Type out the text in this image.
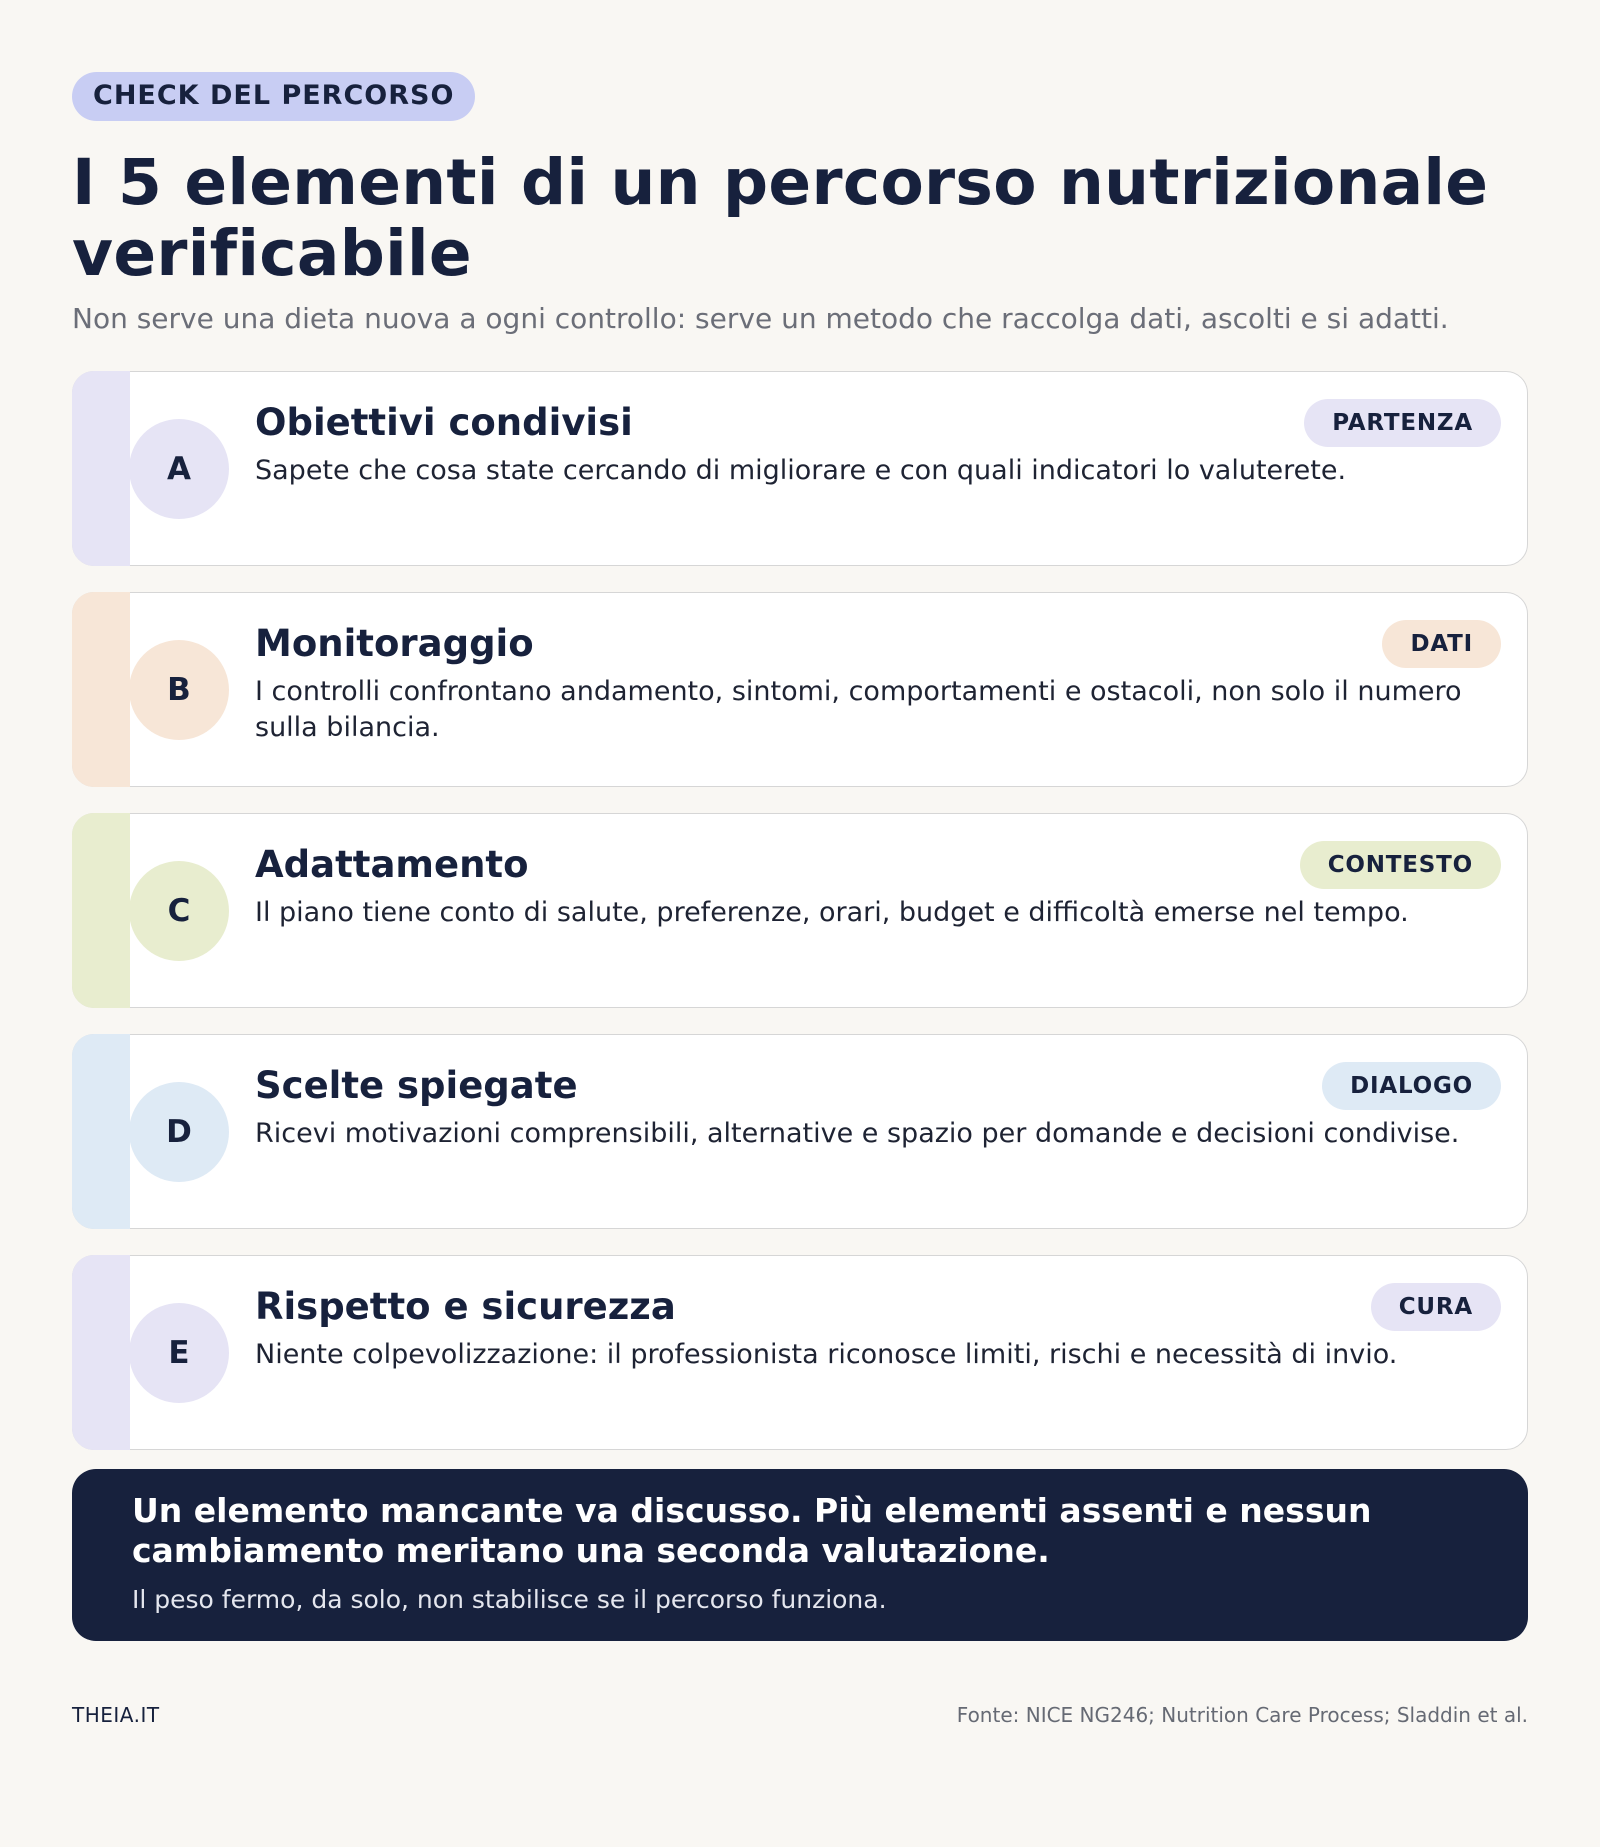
CHECK DEL PERCORSO
I 5 elementi di un percorso nutrizionale verificabile

Non serve una dieta nuova a ogni controllo: serve un metodo che raccolga dati, ascolti e si adatti.

A
Obiettivi condivisi
Sapete che cosa state cercando di migliorare e con quali indicatori lo valuterete.
PARTENZA
B
Monitoraggio
I controlli confrontano andamento, sintomi, comportamenti e ostacoli, non solo il numero sulla bilancia.
DATI
C
Adattamento
Il piano tiene conto di salute, preferenze, orari, budget e difficoltà emerse nel tempo.
CONTESTO
D
Scelte spiegate
Ricevi motivazioni comprensibili, alternative e spazio per domande e decisioni condivise.
DIALOGO
E
Rispetto e sicurezza
Niente colpevolizzazione: il professionista riconosce limiti, rischi e necessità di invio.
CURA
Un elemento mancante va discusso. Più elementi assenti e nessun cambiamento meritano una seconda valutazione.
Il peso fermo, da solo, non stabilisce se il percorso funziona.
THEIA.IT	Fonte: NICE NG246; Nutrition Care Process; Sladdin et al.
